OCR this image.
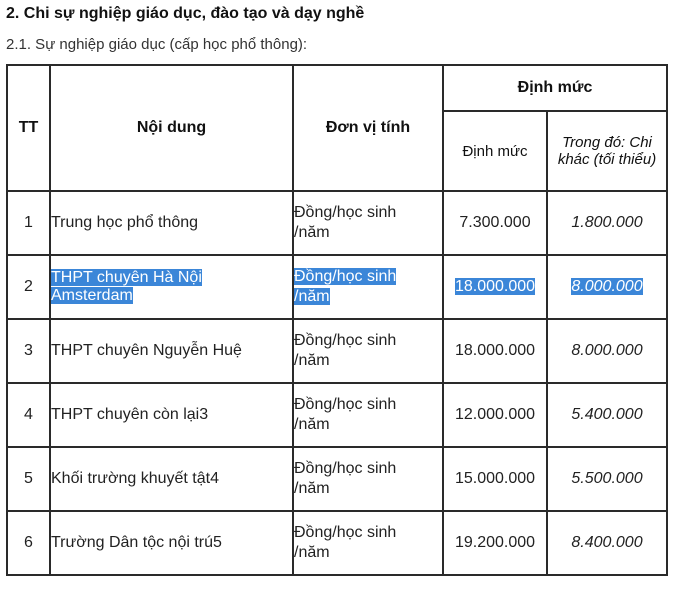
2. Chi sự nghiệp giáo dục, đào tạo và dạy nghề
2.1. Sự nghiệp giáo dục (cấp học phổ thông):
TT	Nội dung	Đơn vị tính	Định mức	
			Định mức	Trong đó: Chi khác (tối thiểu)
1	Trung học phổ thông	Đồng/học sinh
/năm	7.300.000	1.800.000
2	THPT chuyên Hà Nội
Amsterdam	Đồng/học sinh
/năm	18.000.000	8.000.000
3	THPT chuyên Nguyễn Huệ	Đồng/học sinh
/năm	18.000.000	8.000.000
4	THPT chuyên còn lại3	Đồng/học sinh
/năm	12.000.000	5.400.000
5	Khối trường khuyết tật4	Đồng/học sinh
/năm	15.000.000	5.500.000
6	Trường Dân tộc nội trú5	Đồng/học sinh
/năm	19.200.000	8.400.000
